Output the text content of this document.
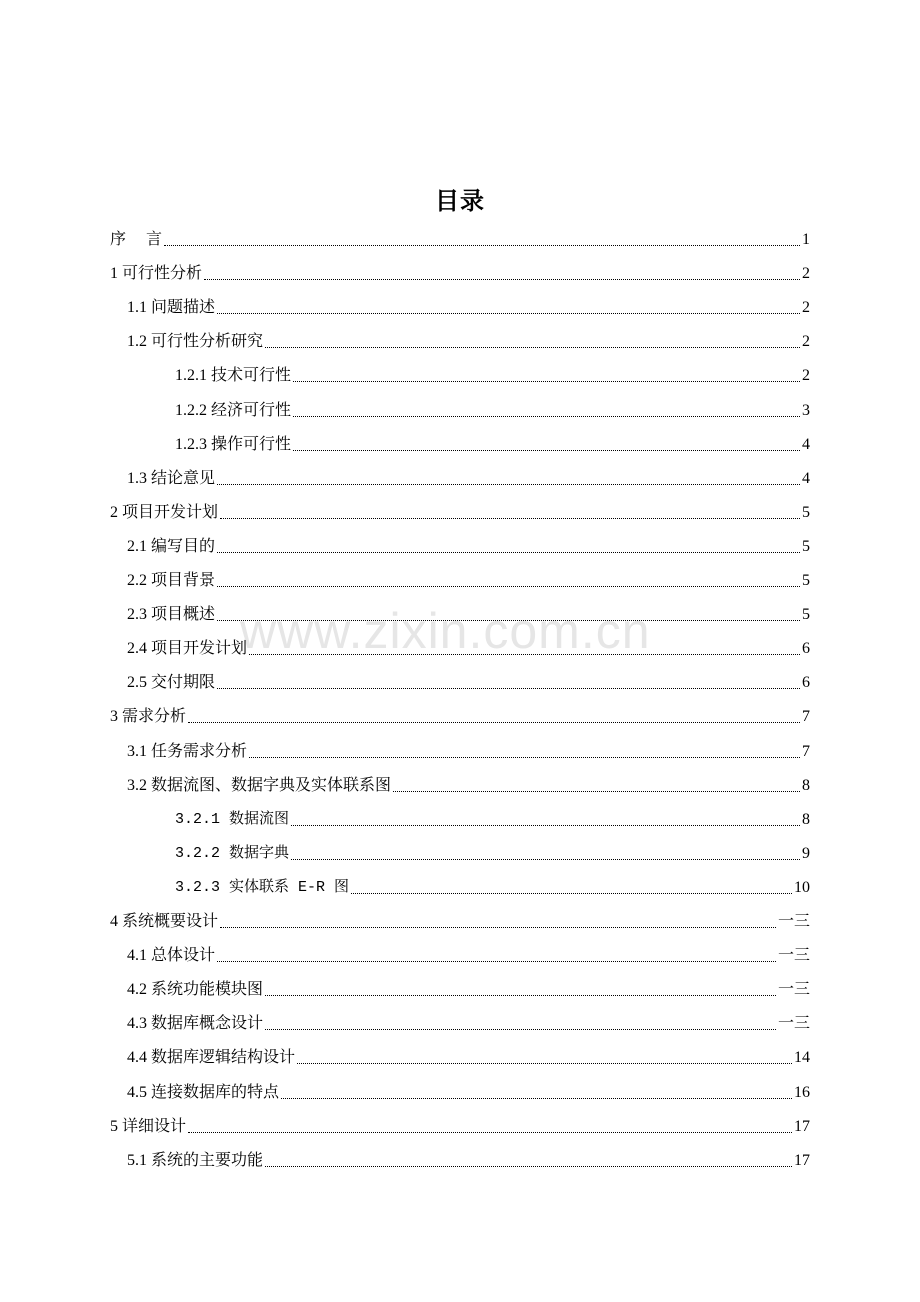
目录
序　 言	1
1 可行性分析	2
1.1 问题描述	2
1.2 可行性分析研究	2
1.2.1 技术可行性	2
1.2.2 经济可行性	3
1.2.3 操作可行性	4
1.3 结论意见	4
2 项目开发计划	5
2.1 编写目的	5
2.2 项目背景	5
2.3 项目概述	5
2.4 项目开发计划	6
2.5 交付期限	6
3 需求分析	7
3.1 任务需求分析	7
3.2 数据流图、数据字典及实体联系图	8
3.2.1 数据流图	8
3.2.2 数据字典	9
3.2.3 实体联系 E-R 图	10
4 系统概要设计	一三
4.1 总体设计	一三
4.2 系统功能模块图	一三
4.3 数据库概念设计	一三
4.4 数据库逻辑结构设计	14
4.5 连接数据库的特点	16
5 详细设计	17
5.1 系统的主要功能	17
www.zixin.com.cn
